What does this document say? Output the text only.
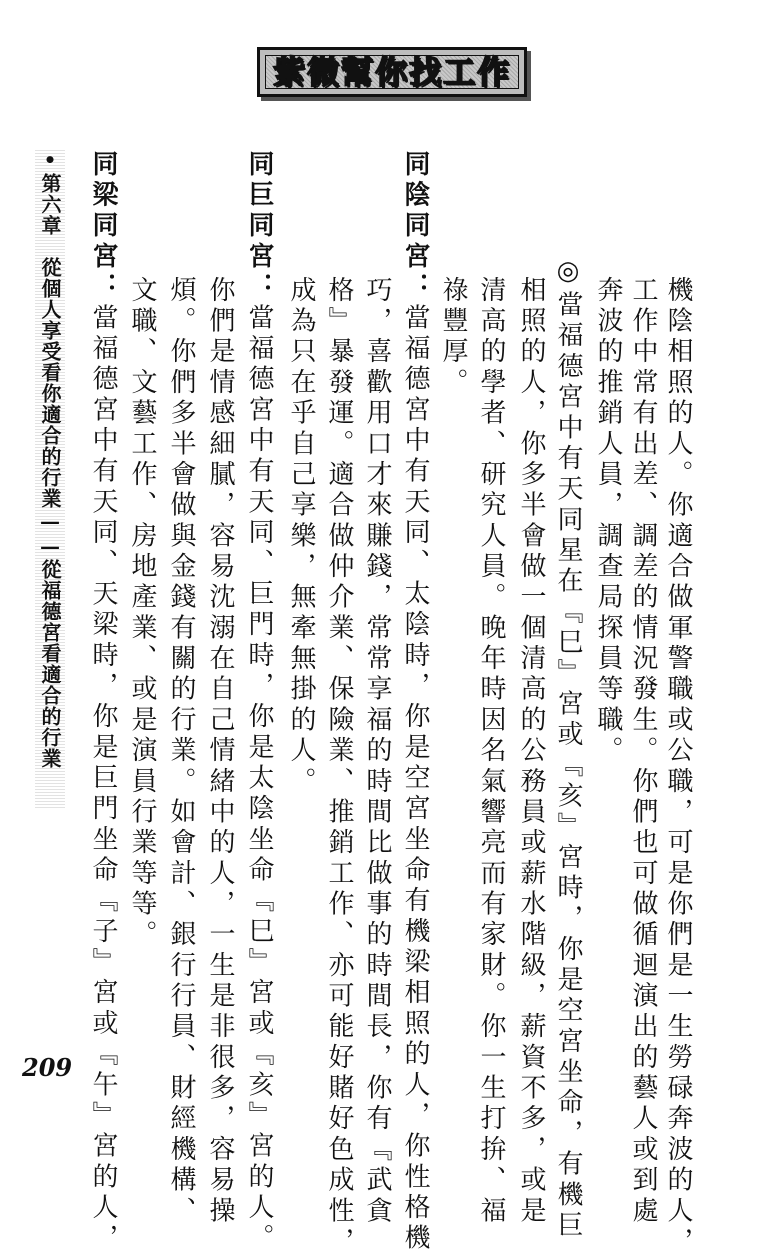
紫微幫你找工作
機陰相照的人。你適合做軍警職或公職，可是你們是一生勞碌奔波的人，
工作中常有出差、調差的情況發生。你們也可做循迴演出的藝人或到處
奔波的推銷人員，調查局探員等職。
◎當福德宮中有天同星在『巳』宮或『亥』宮時，你是空宮坐命，有機巨
相照的人，你多半會做一個清高的公務員或薪水階級，薪資不多，或是
清高的學者、研究人員。晚年時因名氣響亮而有家財。你一生打拚、福
祿豐厚。
同陰同宮：當福德宮中有天同、太陰時，你是空宮坐命有機梁相照的人，你性格機
巧，喜歡用口才來賺錢，常常享福的時間比做事的時間長，你有『武貪
格』暴發運。適合做仲介業、保險業、推銷工作、亦可能好賭好色成性，
成為只在乎自己享樂，無牽無掛的人。
同巨同宮：當福德宮中有天同、巨門時，你是太陰坐命『巳』宮或『亥』宮的人。
你們是情感細膩，容易沈溺在自己情緒中的人，一生是非很多，容易操
煩。你們多半會做與金錢有關的行業。如會計、銀行行員、財經機構、
文職、文藝工作、房地產業、或是演員行業等等。
同梁同宮：當福德宮中有天同、天梁時，你是巨門坐命『子』宮或『午』宮的人，
•第六章　從個人享受看你適合的行業——從福德宮看適合的行業
209
